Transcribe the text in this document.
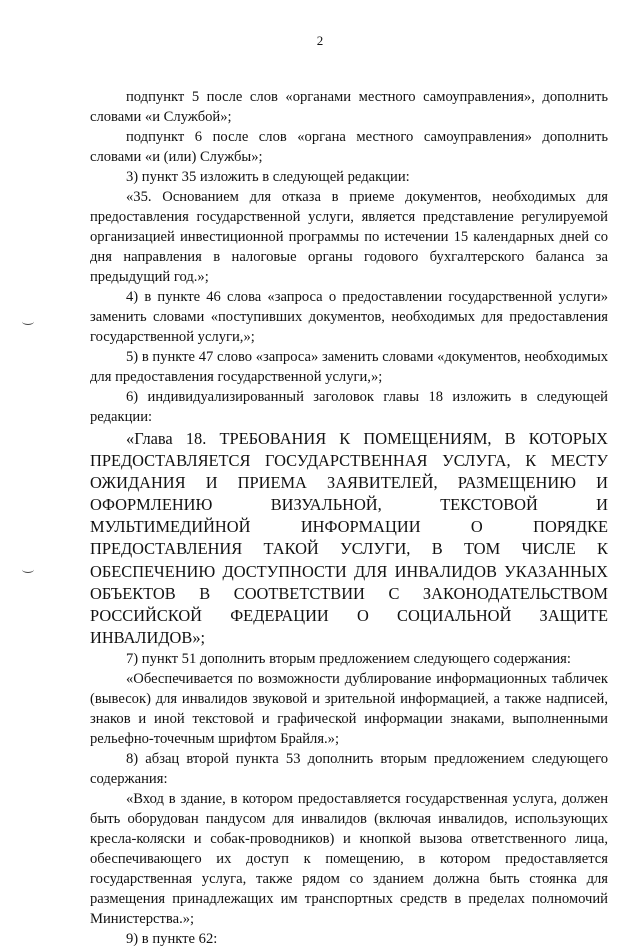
2

подпункт 5 после слов «органами местного самоуправления», дополнить словами «и Службой»;

подпункт 6 после слов «органа местного самоуправления» дополнить словами «и (или) Службы»;

3) пункт 35 изложить в следующей редакции:

«35. Основанием для отказа в приеме документов, необходимых для предоставления государственной услуги, является представление регулируемой организацией инвестиционной программы по истечении 15 календарных дней со дня направления в налоговые органы годового бухгалтерского баланса за предыдущий год.»;

4) в пункте 46 слова «запроса о предоставлении государственной услуги» заменить словами «поступивших документов, необходимых для предоставления государственной услуги,»;

5) в пункте 47 слово «запроса» заменить словами «документов, необходимых для предоставления государственной услуги,»;

6) индивидуализированный заголовок главы 18 изложить в следующей редакции:

«Глава 18. ТРЕБОВАНИЯ К ПОМЕЩЕНИЯМ, В КОТОРЫХ ПРЕДОСТАВЛЯЕТСЯ ГОСУДАРСТВЕННАЯ УСЛУГА, К МЕСТУ ОЖИДАНИЯ И ПРИЕМА ЗАЯВИТЕЛЕЙ, РАЗМЕЩЕНИЮ И ОФОРМЛЕНИЮ ВИЗУАЛЬНОЙ, ТЕКСТОВОЙ И МУЛЬТИМЕДИЙНОЙ ИНФОРМАЦИИ О ПОРЯДКЕ ПРЕДОСТАВЛЕНИЯ ТАКОЙ УСЛУГИ, В ТОМ ЧИСЛЕ К ОБЕСПЕЧЕНИЮ ДОСТУПНОСТИ ДЛЯ ИНВАЛИДОВ УКАЗАННЫХ ОБЪЕКТОВ В СООТВЕТСТВИИ С ЗАКОНОДАТЕЛЬСТВОМ РОССИЙСКОЙ ФЕДЕРАЦИИ О СОЦИАЛЬНОЙ ЗАЩИТЕ ИНВАЛИДОВ»;

7) пункт 51 дополнить вторым предложением следующего содержания:

«Обеспечивается по возможности дублирование информационных табличек (вывесок) для инвалидов звуковой и зрительной информацией, а также надписей, знаков и иной текстовой и графической информации знаками, выполненными рельефно-точечным шрифтом Брайля.»;

8) абзац второй пункта 53 дополнить вторым предложением следующего содержания:

«Вход в здание, в котором предоставляется государственная услуга, должен быть оборудован пандусом для инвалидов (включая инвалидов, использующих кресла-коляски и собак-проводников) и кнопкой вызова ответственного лица, обеспечивающего их доступ к помещению, в котором предоставляется государственная услуга, также рядом со зданием должна быть стоянка для размещения принадлежащих им транспортных средств в пределах полномочий Министерства.»;

9) в пункте 62:
